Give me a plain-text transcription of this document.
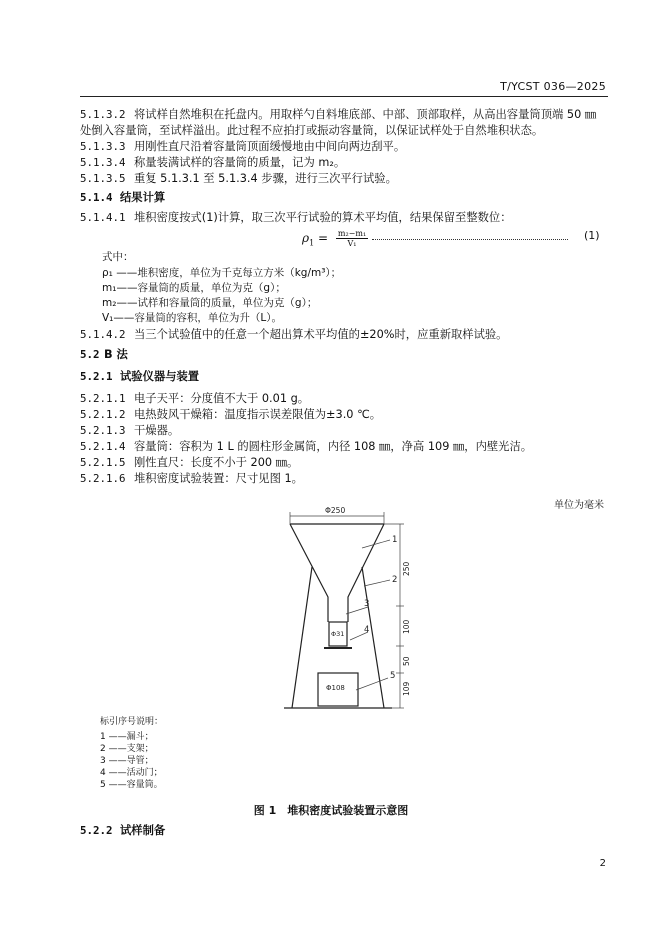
T/YCST 036—2025
5.1.3.2 将试样自然堆积在托盘内。用取样勺自料堆底部、中部、顶部取样，从高出容量筒顶端 50 ㎜
处倒入容量筒，至试样溢出。此过程不应拍打或振动容量筒，以保证试样处于自然堆积状态。
5.1.3.3 用刚性直尺沿着容量筒顶面缓慢地由中间向两边刮平。
5.1.3.4 称量装满试样的容量筒的质量，记为 m₂。
5.1.3.5 重复 5.1.3.1 至 5.1.3.4 步骤，进行三次平行试验。
5.1.4 结果计算
5.1.4.1 堆积密度按式(1)计算，取三次平行试验的算术平均值，结果保留至整数位：
$\rho_1 = \frac{\text{m₂−m₁}}{\text{V₁}}$	(1)
式中：
ρ₁ ——堆积密度，单位为千克每立方米（kg/m³）；
m₁——容量筒的质量，单位为克（g）；
m₂——试样和容量筒的质量，单位为克（g）；
V₁——容量筒的容积，单位为升（L）。
5.1.4.2 当三个试验值中的任意一个超出算术平均值的±20%时，应重新取样试验。
5.2 B 法
5.2.1 试验仪器与装置
5.2.1.1 电子天平：分度值不大于 0.01 g。
5.2.1.2 电热鼓风干燥箱：温度指示误差限值为±3.0 ℃。
5.2.1.3 干燥器。
5.2.1.4 容量筒：容积为 1 L 的圆柱形金属筒，内径 108 ㎜，净高 109 ㎜，内壁光洁。
5.2.1.5 刚性直尺：长度不小于 200 ㎜。
5.2.1.6 堆积密度试验装置：尺寸见图 1。
单位为毫米
Φ250
250
100
50
109
Φ31
Φ108
1
2
3
4
5
标引序号说明：
1 ——漏斗；
2 ——支架；
3 ——导管；
4 ——活动门；
5 ——容量筒。
图 1　堆积密度试验装置示意图
5.2.2 试样制备
2
